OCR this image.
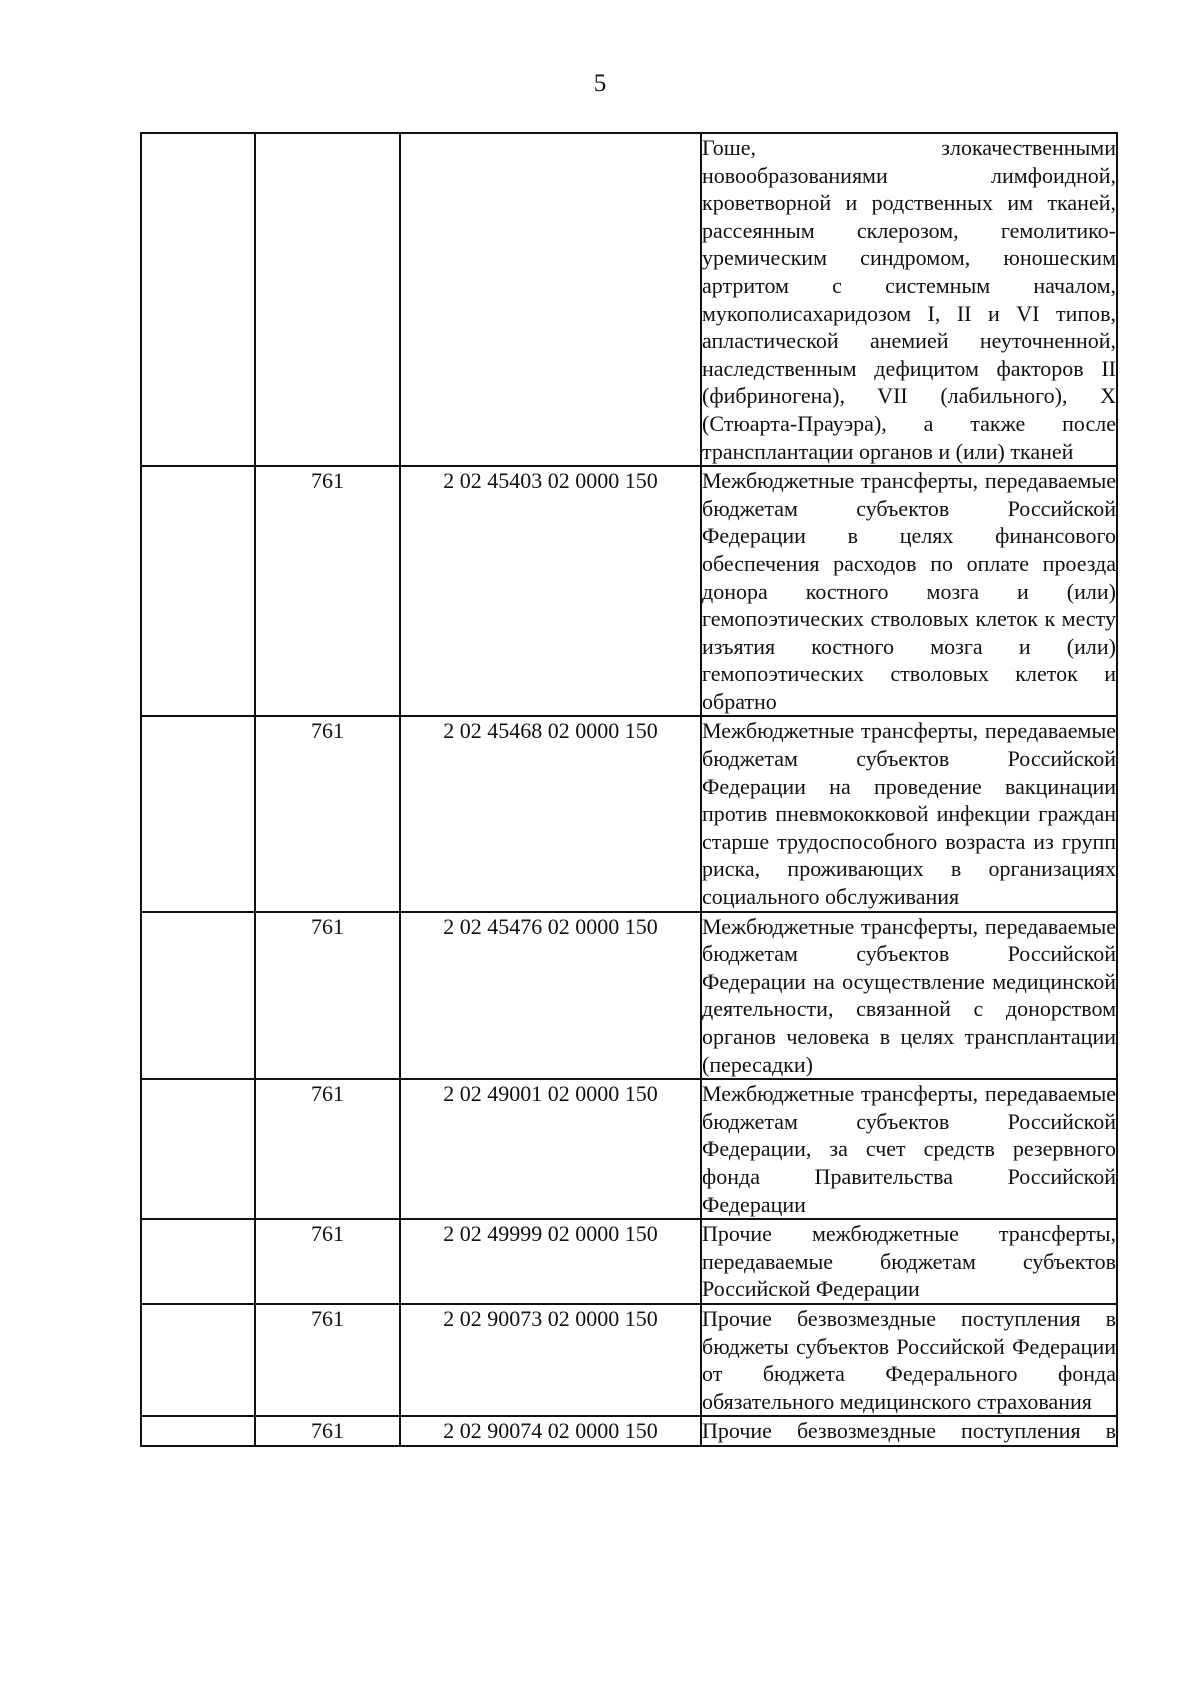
5

			Гоше, злокачественными новообразованиями лимфоидной, кроветворной и родственных им тканей, рассеянным склерозом, гемолитико-уремическим синдромом, юношеским артритом с системным началом, мукополисахаридозом I, II и VI типов, апластической анемией неуточненной, наследственным дефицитом факторов II (фибриногена), VII (лабильного), X (Стюарта-Прауэра), а также после трансплантации органов и (или) тканей

	761	2 02 45403 02 0000 150	Межбюджетные трансферты, передаваемые бюджетам субъектов Российской Федерации в целях финансового обеспечения расходов по оплате проезда донора костного мозга и (или) гемопоэтических стволовых клеток к месту изъятия костного мозга и (или) гемопоэтических стволовых клеток и обратно

	761	2 02 45468 02 0000 150	Межбюджетные трансферты, передаваемые бюджетам субъектов Российской Федерации на проведение вакцинации против пневмококковой инфекции граждан старше трудоспособного возраста из групп риска, проживающих в организациях социального обслуживания

	761	2 02 45476 02 0000 150	Межбюджетные трансферты, передаваемые бюджетам субъектов Российской Федерации на осуществление медицинской деятельности, связанной с донорством органов человека в целях трансплантации (пересадки)

	761	2 02 49001 02 0000 150	Межбюджетные трансферты, передаваемые бюджетам субъектов Российской Федерации, за счет средств резервного фонда Правительства Российской Федерации

	761	2 02 49999 02 0000 150	Прочие межбюджетные трансферты, передаваемые бюджетам субъектов Российской Федерации

	761	2 02 90073 02 0000 150	Прочие безвозмездные поступления в бюджеты субъектов Российской Федерации от бюджета Федерального фонда обязательного медицинского страхования

	761	2 02 90074 02 0000 150	Прочие безвозмездные поступления в
